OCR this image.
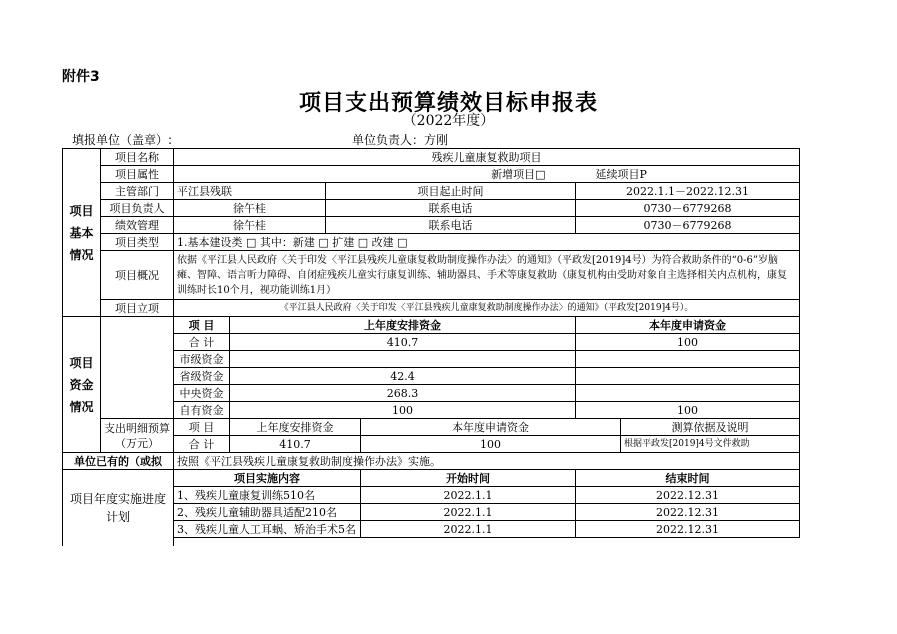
附件3
项目支出预算绩效目标申报表
（2022年度）
填报单位（盖章）:	单位负责人：方刚
项目基本情况	项目名称	残疾儿童康复救助项目					
	项目属性	新增项目□				延续项目P	
	主管部门	平江县残联		项目起止时间		2022.1.1－2022.12.31	
	项目负责人	徐午桂		联系电话		0730－6779268	
	绩效管理	徐午桂		联系电话		0730－6779268	
	项目类型	1.基本建设类 □ 其中：新建 □ 扩建 □ 改建 □					
	项目概况	依据《平江县人民政府〈关于印发〈平江县残疾儿童康复救助制度操作办法〉的通知》（平政发[2019]4号）为符合救助条件的“0-6”岁脑瘫、智障、语言听力障碍、自闭症残疾儿童实行康复训练、辅助器具、手术等康复救助（康复机构由受助对象自主选择相关内点机构，康复训练时长10个月，视功能训练1月）					
	项目立项	《平江县人民政府〈关于印发〈平江县残疾儿童康复救助制度操作办法〉的通知》（平政发[2019]4号）。					
项目资金情况		项 目	上年度安排资金			本年度申请资金	
		合 计	410.7			100	
		市级资金					
		省级资金	42.4				
		中央资金	268.3				
		自有资金	100			100	
	支出明细预算（万元）	项 目	上年度安排资金		本年度申请资金		测算依据及说明
		合 计	410.7		100		根据平政发[2019]4号文件救助
单位已有的（或拟		按照《平江县残疾儿童康复救助制度操作办法》实施。					
项目年度实施进度计划		项目实施内容			开始时间	结束时间	
		1、残疾儿童康复训练510名			2022.1.1	2022.12.31	
		2、残疾儿童辅助器具适配210名			2022.1.1	2022.12.31	
		3、残疾儿童人工耳蜗、矫治手术5名			2022.1.1	2022.12.31	
